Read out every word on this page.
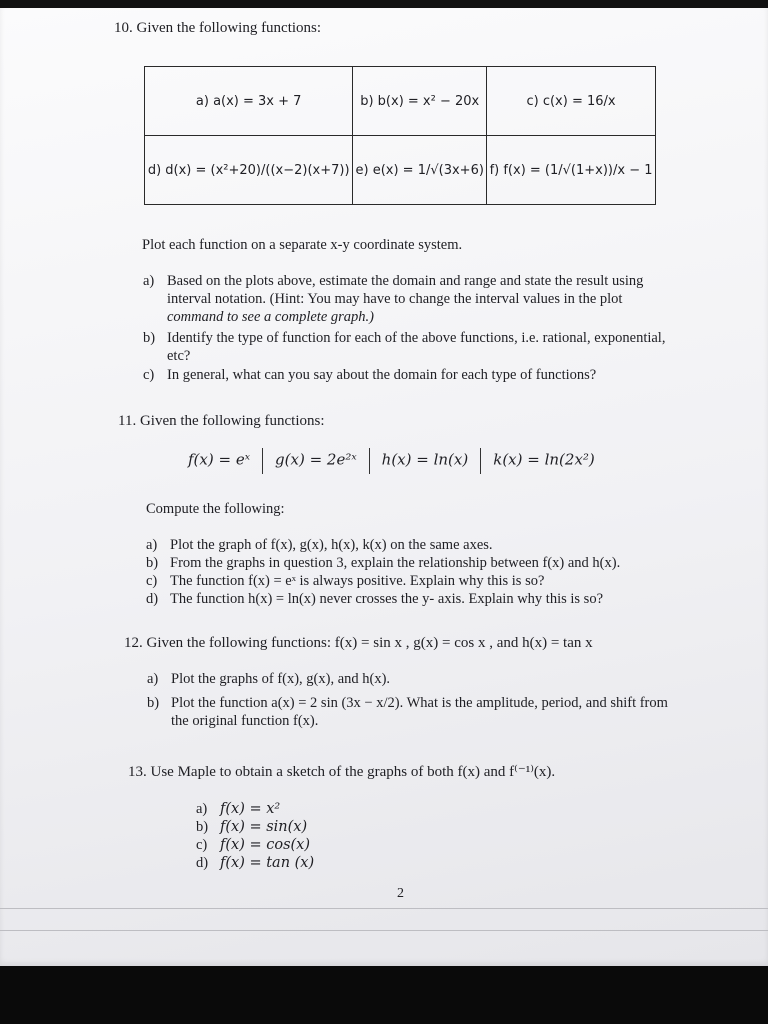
10. Given the following functions:
a) a(x) = 3x + 7	b) b(x) = x² − 20x	c) c(x) = 16/x
d) d(x) = (x²+20)/((x−2)(x+7))	e) e(x) = 1/√(3x+6)	f) f(x) = (1/√(1+x))/x − 1
Plot each function on a separate x-y coordinate system.
a) Based on the plots above, estimate the domain and range and state the result using
interval notation. (Hint: You may have to change the interval values in the plot
command to see a complete graph.)
b) Identify the type of function for each of the above functions, i.e. rational, exponential,
etc?
c) In general, what can you say about the domain for each type of functions?
11. Given the following functions:
f(x) = eˣ g(x) = 2e²ˣ h(x) = ln(x) k(x) = ln(2x²)
Compute the following:
a) Plot the graph of f(x), g(x), h(x), k(x) on the same axes.
b) From the graphs in question 3, explain the relationship between f(x) and h(x).
c) The function f(x) = eˣ is always positive. Explain why this is so?
d) The function h(x) = ln(x) never crosses the y- axis. Explain why this is so?
12. Given the following functions: f(x) = sin x , g(x) = cos x , and h(x) = tan x
a) Plot the graphs of f(x), g(x), and h(x).
b) Plot the function a(x) = 2 sin (3x − x/2). What is the amplitude, period, and shift from
the original function f(x).
13. Use Maple to obtain a sketch of the graphs of both f(x) and f⁽⁻¹⁾(x).
a) f(x) = x²
b) f(x) = sin(x)
c) f(x) = cos(x)
d) f(x) = tan (x)
2
